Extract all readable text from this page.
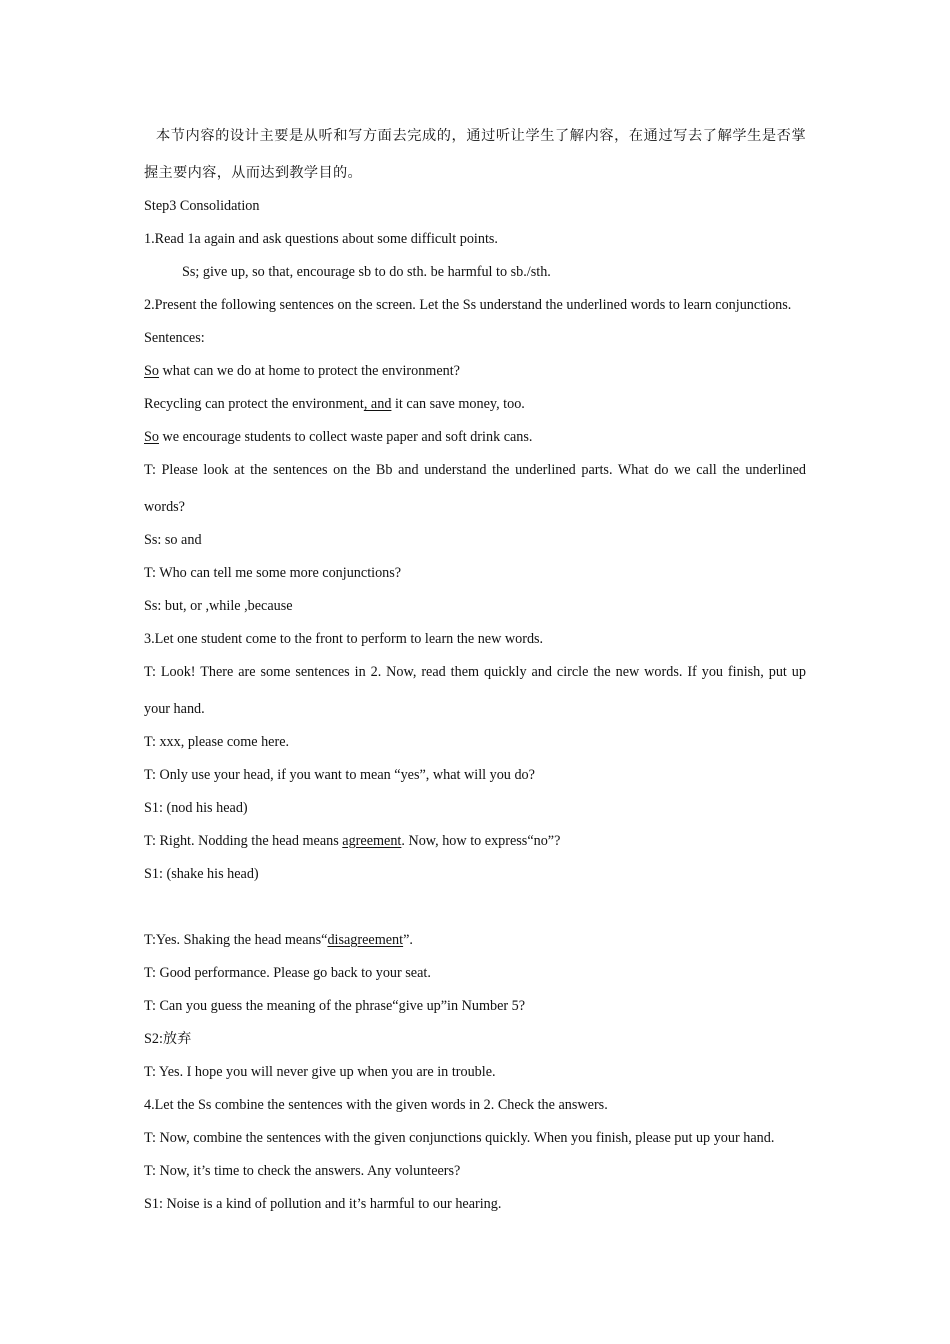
本节内容的设计主要是从听和写方面去完成的，通过听让学生了解内容，在通过写去了解学生是否掌握主要内容，从而达到教学目的。
Step3 Consolidation
1.Read 1a again and ask questions about some difficult points.
Ss; give up, so that, encourage sb to do sth. be harmful to sb./sth.
2.Present the following sentences on the screen. Let the Ss understand the underlined words to learn conjunctions.
Sentences:
So what can we do at home to protect the environment?
Recycling can protect the environment, and it can save money, too.
So we encourage students to collect waste paper and soft drink cans.
T: Please look at the sentences on the Bb and understand the underlined parts. What do we call the underlined words?
Ss: so and
T: Who can tell me some more conjunctions?
Ss: but, or ,while ,because
3.Let one student come to the front to perform to learn the new words.
T: Look! There are some sentences in 2. Now, read them quickly and circle the new words. If you finish, put up your hand.
T: xxx, please come here.
T: Only use your head, if you want to mean “yes”, what will you do?
S1: (nod his head)
T: Right. Nodding the head means agreement. Now, how to express“no”?
S1: (shake his head)
T:Yes. Shaking the head means“disagreement”.
T: Good performance. Please go back to your seat.
T: Can you guess the meaning of the phrase“give up”in Number 5?
S2:放弃
T: Yes. I hope you will never give up when you are in trouble.
4.Let the Ss combine the sentences with the given words in 2. Check the answers.
T: Now, combine the sentences with the given conjunctions quickly. When you finish, please put up your hand.
T: Now, it’s time to check the answers. Any volunteers?
S1: Noise is a kind of pollution and it’s harmful to our hearing.
